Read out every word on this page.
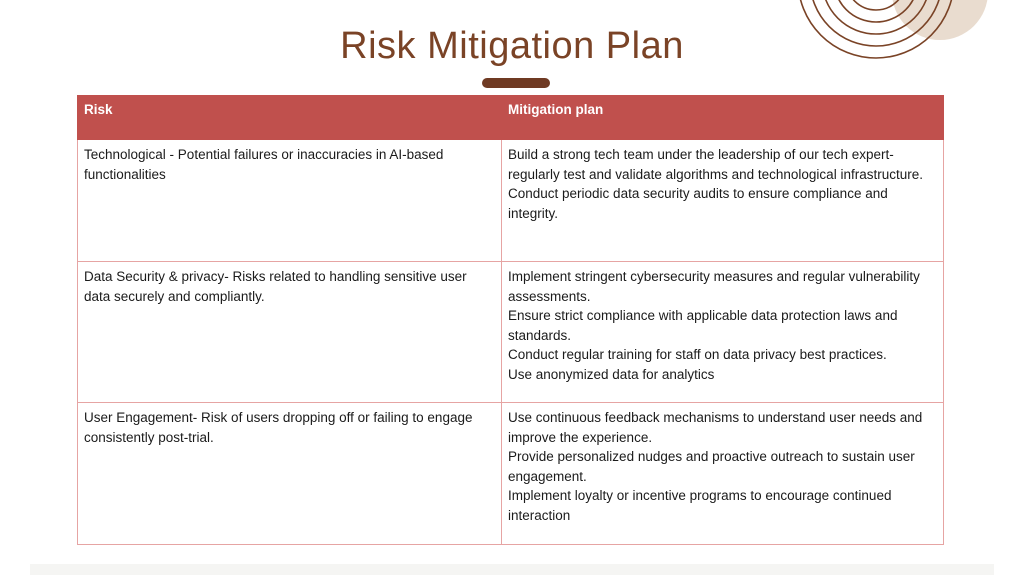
Risk Mitigation Plan
Risk	Mitigation plan
Technological - Potential failures or inaccuracies in AI-based functionalities	Build a strong tech team under the leadership of our tech expert- regularly test and validate algorithms and technological infrastructure.
Conduct periodic data security audits to ensure compliance and integrity.

Data Security & privacy- Risks related to handling sensitive user data securely and compliantly.	Implement stringent cybersecurity measures and regular vulnerability assessments.
Ensure strict compliance with applicable data protection laws and standards.
Conduct regular training for staff on data privacy best practices.
Use anonymized data for analytics

User Engagement- Risk of users dropping off or failing to engage consistently post-trial.	Use continuous feedback mechanisms to understand user needs and improve the experience.
Provide personalized nudges and proactive outreach to sustain user engagement.
Implement loyalty or incentive programs to encourage continued interaction
